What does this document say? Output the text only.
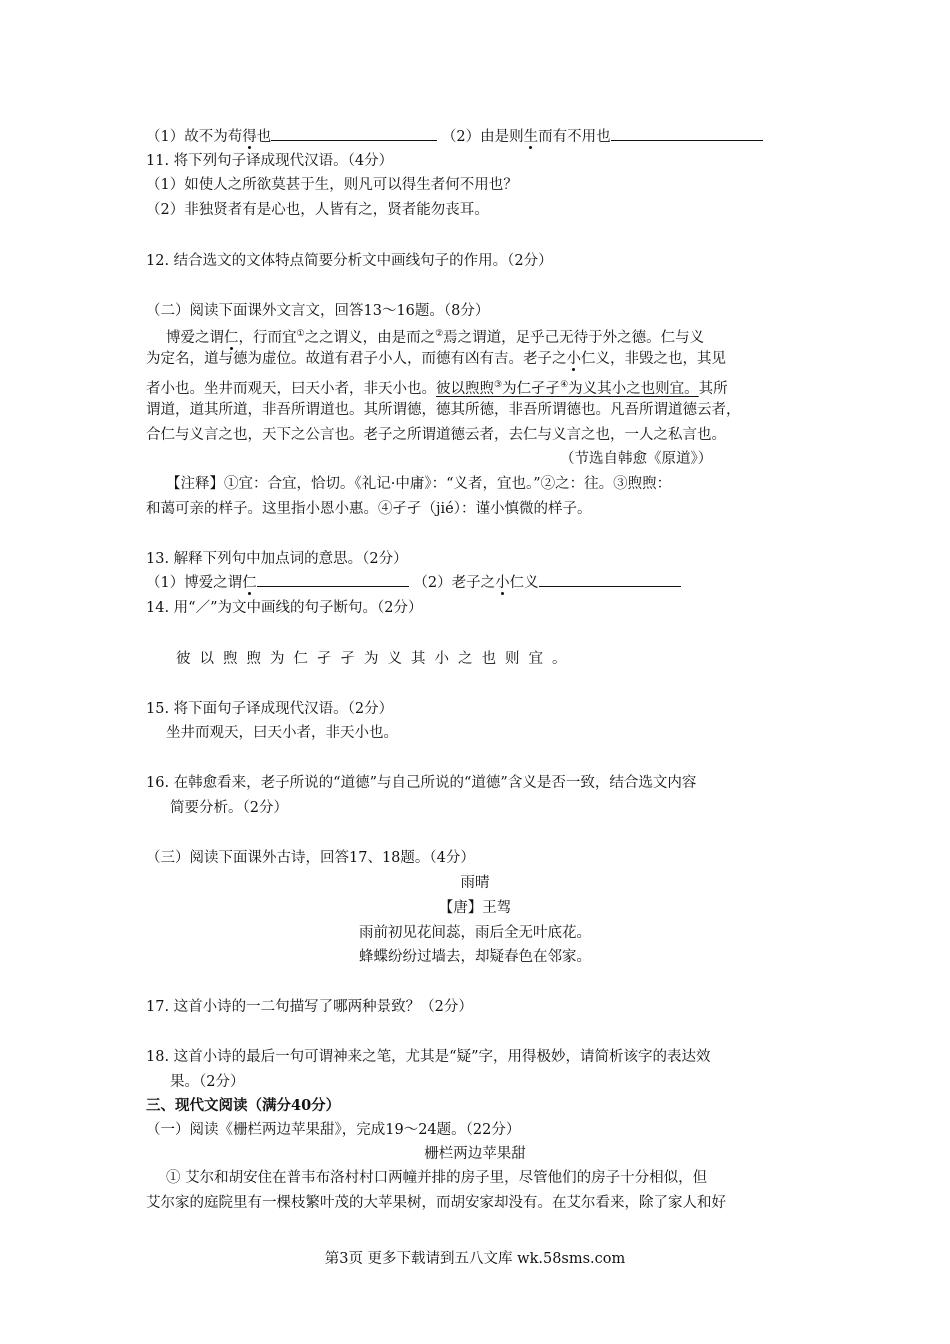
（1）故不为苟得也	（2）由是则生而有不用也
11. 将下列句子译成现代汉语。（4分）
（1）如使人之所欲莫甚于生，则凡可以得生者何不用也？
（2）非独贤者有是心也，人皆有之，贤者能勿丧耳。
12. 结合选文的文体特点简要分析文中画线句子的作用。（2分）
（二）阅读下面课外文言文，回答13～16题。（8分）
博爱之谓仁，行而宜①之之谓义，由是而之②焉之谓道，足乎己无待于外之德。仁与义
为定名，道与德为虚位。故道有君子小人，而德有凶有吉。老子之小仁义，非毁之也，其见
者小也。坐井而观天，曰天小者，非天小也。彼以煦煦③为仁孑孑④为义其小之也则宜。其所
谓道，道其所道，非吾所谓道也。其所谓德，德其所德，非吾所谓德也。凡吾所谓道德云者，
合仁与义言之也，天下之公言也。老子之所谓道德云者，去仁与义言之也，一人之私言也。
（节选自韩愈《原道》）
【注释】①宜：合宜，恰切。《礼记·中庸》：“义者，宜也。”②之：往。③煦煦：
和蔼可亲的样子。这里指小恩小惠。④孑孑（jié）：谨小慎微的样子。
13. 解释下列句中加点词的意思。（2分）
（1）博爱之谓仁	（2）老子之小仁义
14. 用“／”为文中画线的句子断句。（2分）
彼以煦煦为仁孑孑为义其小之也则宜。
15. 将下面句子译成现代汉语。（2分）
坐井而观天，曰天小者，非天小也。
16. 在韩愈看来，老子所说的“道德”与自己所说的“道德”含义是否一致，结合选文内容
简要分析。（2分）
（三）阅读下面课外古诗，回答17、18题。（4分）
雨晴
【唐】王驾
雨前初见花间蕊，雨后全无叶底花。
蜂蝶纷纷过墙去，却疑春色在邻家。
17. 这首小诗的一二句描写了哪两种景致？（2分）
18. 这首小诗的最后一句可谓神来之笔，尤其是“疑”字，用得极妙，请简析该字的表达效
果。（2分）
三、现代文阅读（满分40分）
（一）阅读《栅栏两边苹果甜》，完成19～24题。（22分）
栅栏两边苹果甜
① 艾尔和胡安住在普韦布洛村村口两幢并排的房子里，尽管他们的房子十分相似，但
艾尔家的庭院里有一棵枝繁叶茂的大苹果树，而胡安家却没有。在艾尔看来，除了家人和好
第3页 更多下载请到五八文库 wk.58sms.com
